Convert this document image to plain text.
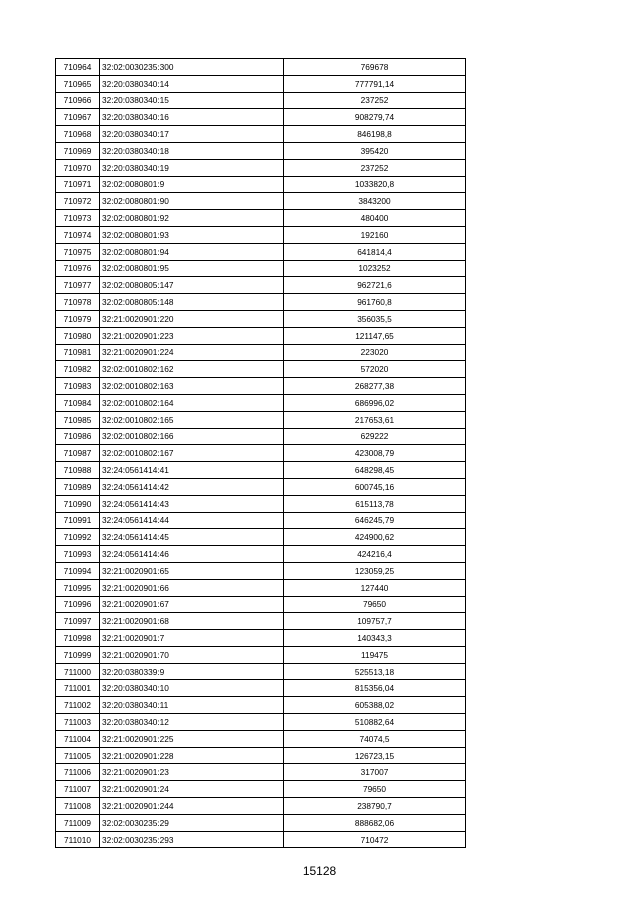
710964	32:02:0030235:300	769678
710965	32:20:0380340:14	777791,14
710966	32:20:0380340:15	237252
710967	32:20:0380340:16	908279,74
710968	32:20:0380340:17	846198,8
710969	32:20:0380340:18	395420
710970	32:20:0380340:19	237252
710971	32:02:0080801:9	1033820,8
710972	32:02:0080801:90	3843200
710973	32:02:0080801:92	480400
710974	32:02:0080801:93	192160
710975	32:02:0080801:94	641814,4
710976	32:02:0080801:95	1023252
710977	32:02:0080805:147	962721,6
710978	32:02:0080805:148	961760,8
710979	32:21:0020901:220	356035,5
710980	32:21:0020901:223	121147,65
710981	32:21:0020901:224	223020
710982	32:02:0010802:162	572020
710983	32:02:0010802:163	268277,38
710984	32:02:0010802:164	686996,02
710985	32:02:0010802:165	217653,61
710986	32:02:0010802:166	629222
710987	32:02:0010802:167	423008,79
710988	32:24:0561414:41	648298,45
710989	32:24:0561414:42	600745,16
710990	32:24:0561414:43	615113,78
710991	32:24:0561414:44	646245,79
710992	32:24:0561414:45	424900,62
710993	32:24:0561414:46	424216,4
710994	32:21:0020901:65	123059,25
710995	32:21:0020901:66	127440
710996	32:21:0020901:67	79650
710997	32:21:0020901:68	109757,7
710998	32:21:0020901:7	140343,3
710999	32:21:0020901:70	119475
711000	32:20:0380339:9	525513,18
711001	32:20:0380340:10	815356,04
711002	32:20:0380340:11	605388,02
711003	32:20:0380340:12	510882,64
711004	32:21:0020901:225	74074,5
711005	32:21:0020901:228	126723,15
711006	32:21:0020901:23	317007
711007	32:21:0020901:24	79650
711008	32:21:0020901:244	238790,7
711009	32:02:0030235:29	888682,06
711010	32:02:0030235:293	710472
15128
